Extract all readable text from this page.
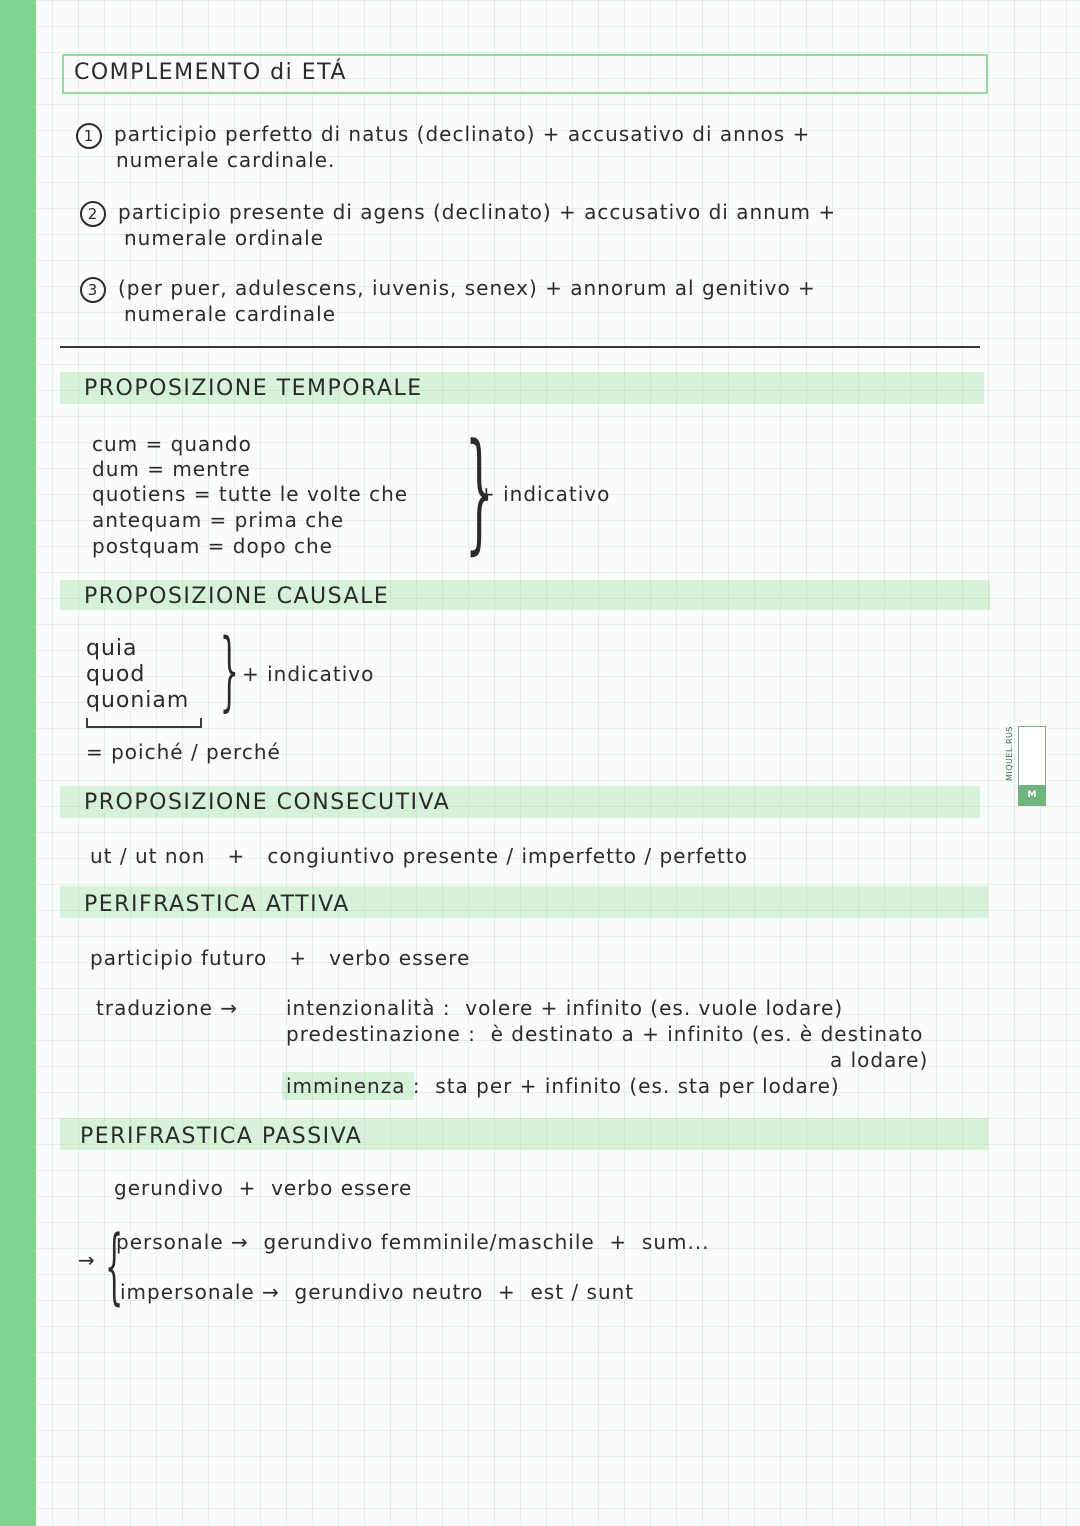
COMPLEMENTO di ETÁ
1 participio perfetto di natus (declinato) + accusativo di annos +
numerale cardinale.
2 participio presente di agens (declinato) + accusativo di annum +
numerale ordinale
3 (per puer, adulescens, iuvenis, senex) + annorum al genitivo +
numerale cardinale
PROPOSIZIONE TEMPORALE
cum = quando
dum = mentre
quotiens = tutte le volte che
antequam = prima che
postquam = dopo che }
+ indicativo
PROPOSIZIONE CAUSALE
quia
quod
quoniam } + indicativo
= poiché / perché
PROPOSIZIONE CONSECUTIVA
ut / ut non   +   congiuntivo presente / imperfetto / perfetto
PERIFRASTICA ATTIVA
participio futuro   +   verbo essere
traduzione → intenzionalità :  volere + infinito (es. vuole lodare)
predestinazione :  è destinato a + infinito (es. è destinato
a lodare)
imminenza :  sta per + infinito (es. sta per lodare)
PERIFRASTICA PASSIVA
gerundivo  +  verbo essere
→ {
personale →  gerundivo femminile/maschile  +  sum...
impersonale →  gerundivo neutro  +  est / sunt
MIQUEL.RUS
M
